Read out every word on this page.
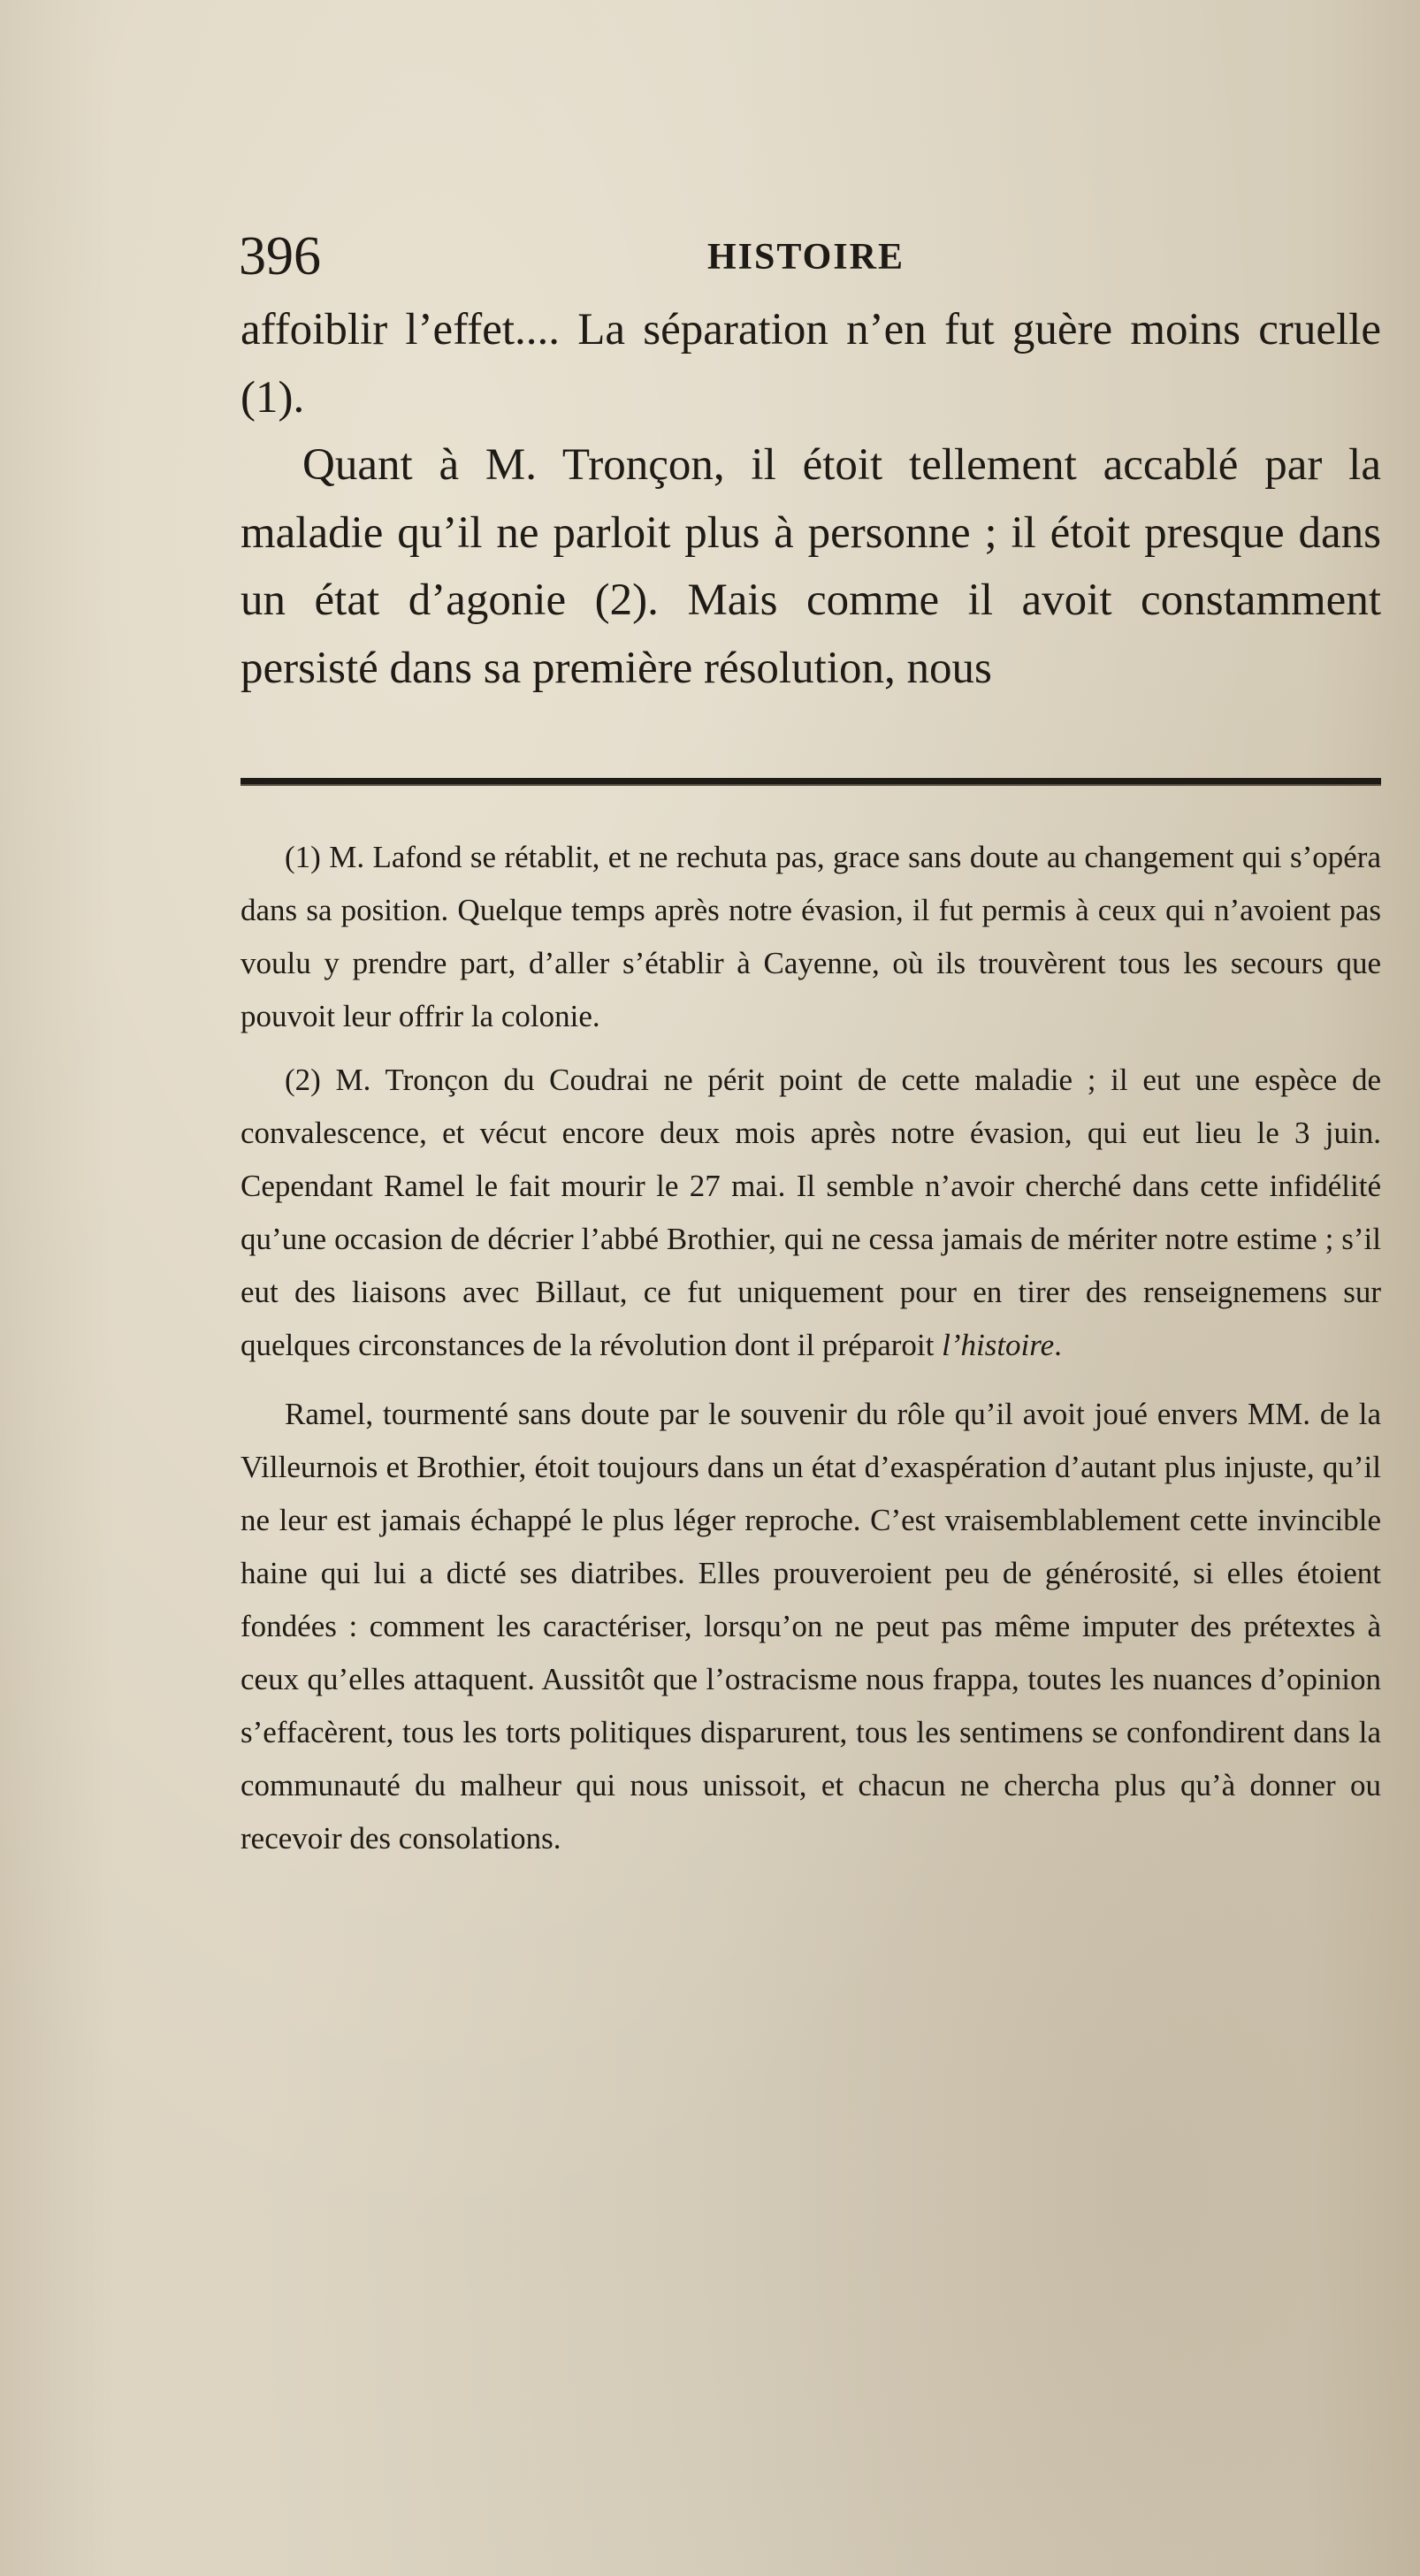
396	HISTOIRE

affoiblir l’effet.... La séparation n’en fut guère moins cruelle (1).

Quant à M. Tronçon, il étoit tellement accablé par la maladie qu’il ne parloit plus à personne ; il étoit presque dans un état d’agonie (2). Mais comme il avoit constamment persisté dans sa première résolution, nous

(1) M. Lafond se rétablit, et ne rechuta pas, grace sans doute au changement qui s’opéra dans sa position. Quelque temps après notre évasion, il fut permis à ceux qui n’avoient pas voulu y prendre part, d’aller s’établir à Cayenne, où ils trouvèrent tous les secours que pouvoit leur offrir la colonie.

(2) M. Tronçon du Coudrai ne périt point de cette maladie ; il eut une espèce de convalescence, et vécut encore deux mois après notre évasion, qui eut lieu le 3 juin. Cependant Ramel le fait mourir le 27 mai. Il semble n’avoir cherché dans cette infidélité qu’une occasion de décrier l’abbé Brothier, qui ne cessa jamais de mériter notre estime ; s’il eut des liaisons avec Billaut, ce fut uniquement pour en tirer des renseignemens sur quelques circonstances de la révolution dont il préparoit l’histoire.

Ramel, tourmenté sans doute par le souvenir du rôle qu’il avoit joué envers MM. de la Villeurnois et Brothier, étoit toujours dans un état d’exaspération d’autant plus injuste, qu’il ne leur est jamais échappé le plus léger reproche. C’est vraisemblablement cette invincible haine qui lui a dicté ses diatribes. Elles prouveroient peu de générosité, si elles étoient fondées : comment les caractériser, lorsqu’on ne peut pas même imputer des prétextes à ceux qu’elles attaquent. Aussitôt que l’ostracisme nous frappa, toutes les nuances d’opinion s’effacèrent, tous les torts politiques disparurent, tous les sentimens se confondirent dans la communauté du malheur qui nous unissoit, et chacun ne chercha plus qu’à donner ou recevoir des consolations.
